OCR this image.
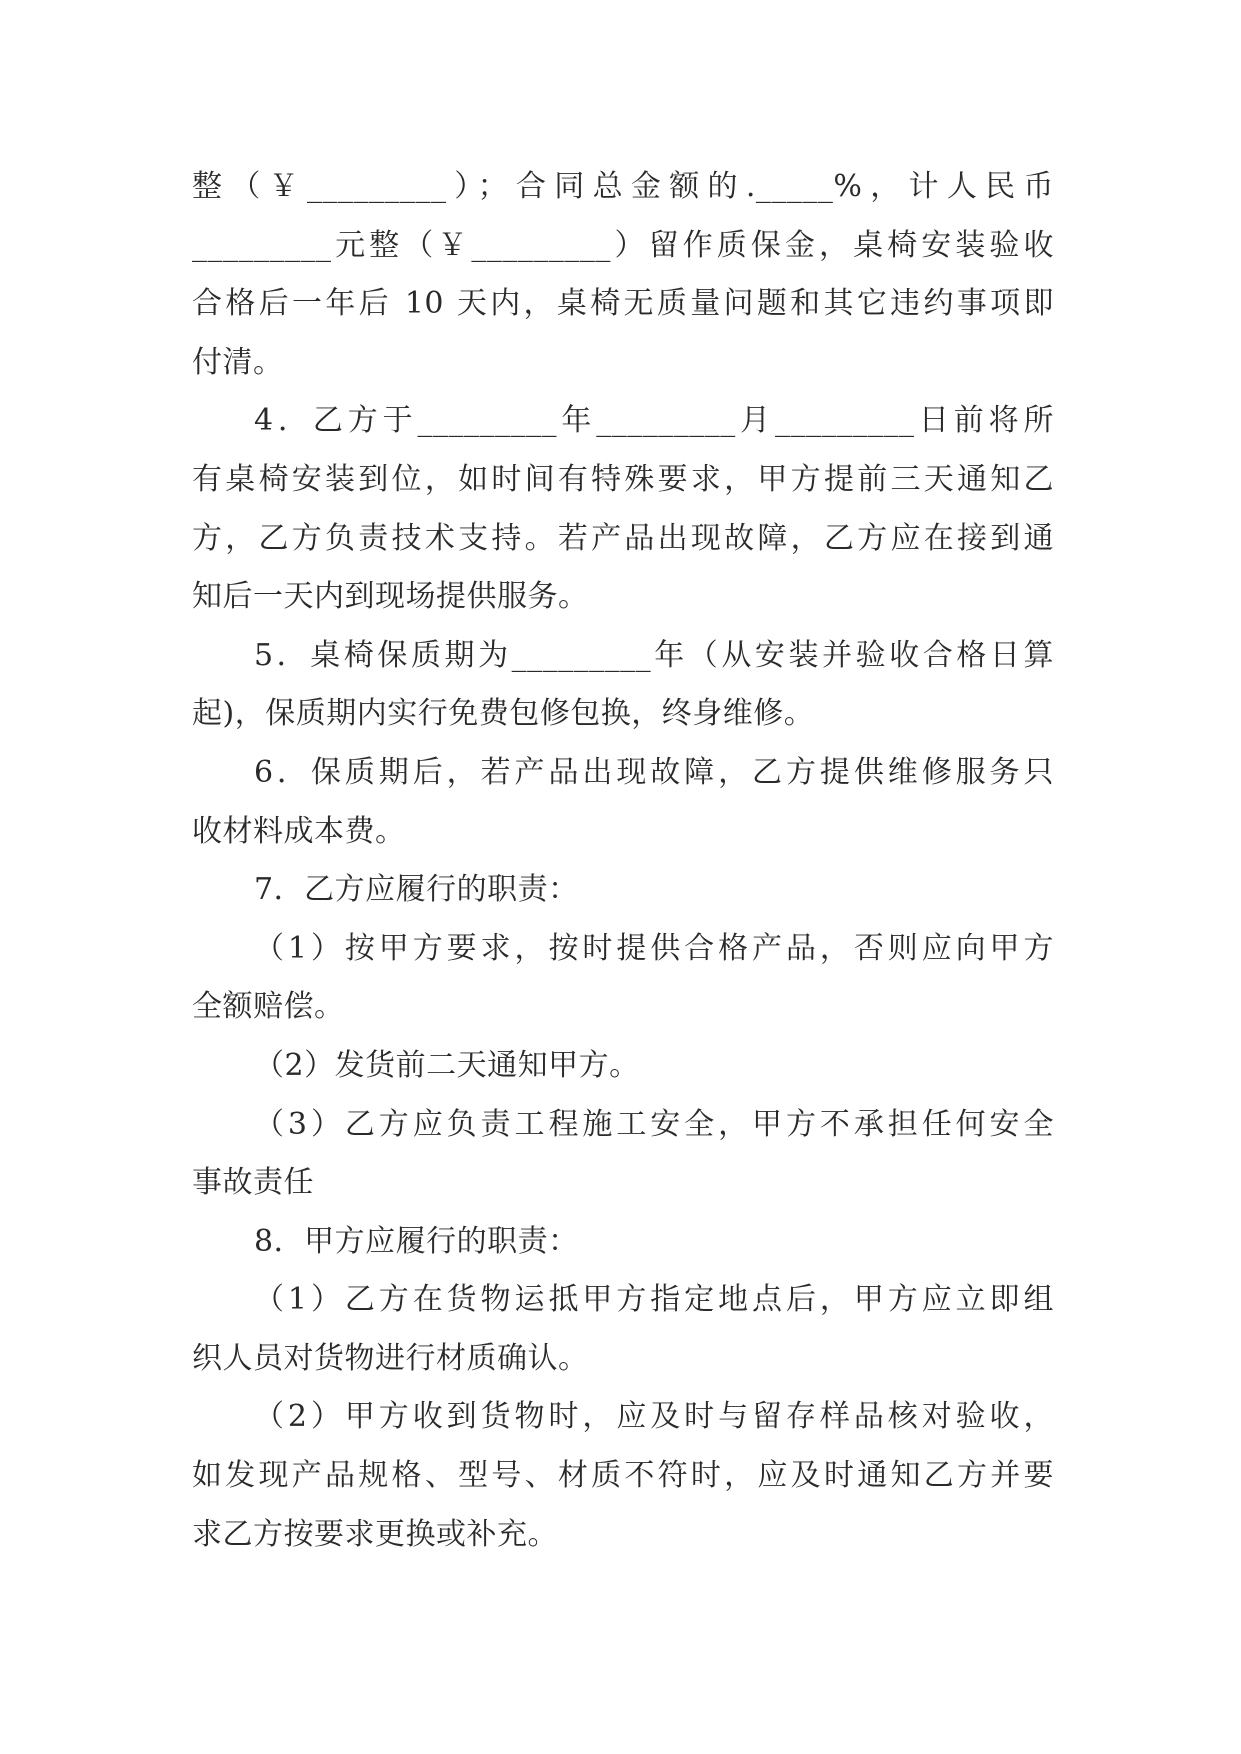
整（￥_________）；合同总金额的._____%，计人民币
_________元整（￥_________）留作质保金，桌椅安装验收
合格后一年后 10 天内，桌椅无质量问题和其它违约事项即
付清。
4．乙方于_________年_________月_________日前将所
有桌椅安装到位，如时间有特殊要求，甲方提前三天通知乙
方，乙方负责技术支持。若产品出现故障，乙方应在接到通
知后一天内到现场提供服务。
5．桌椅保质期为_________年（从安装并验收合格日算
起)，保质期内实行免费包修包换，终身维修。
6．保质期后，若产品出现故障，乙方提供维修服务只
收材料成本费。
7．乙方应履行的职责：
（1）按甲方要求，按时提供合格产品，否则应向甲方
全额赔偿。
（2）发货前二天通知甲方。
（3）乙方应负责工程施工安全，甲方不承担任何安全
事故责任
8．甲方应履行的职责：
（1）乙方在货物运抵甲方指定地点后，甲方应立即组
织人员对货物进行材质确认。
（2）甲方收到货物时，应及时与留存样品核对验收，
如发现产品规格、型号、材质不符时，应及时通知乙方并要
求乙方按要求更换或补充。
